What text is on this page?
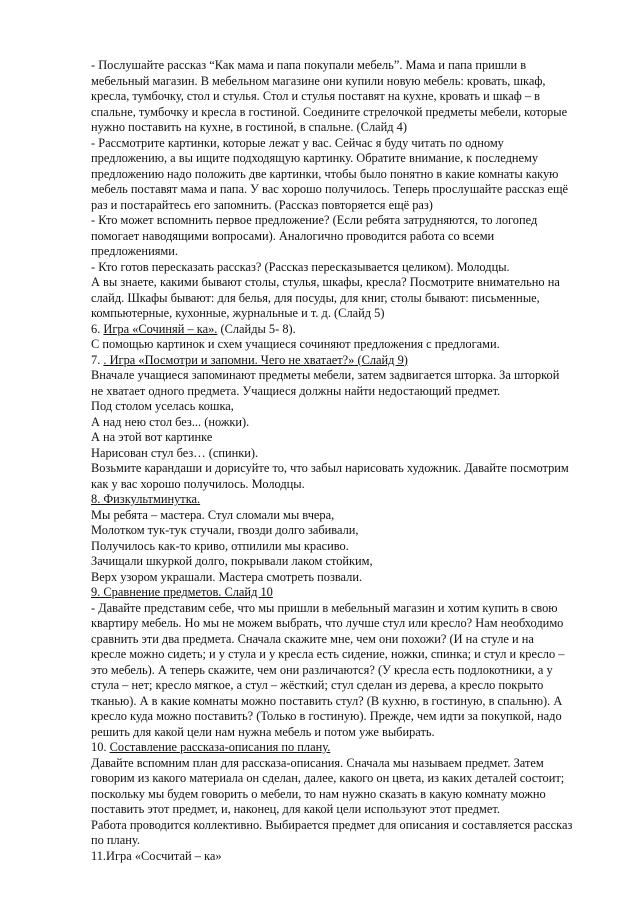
- Послушайте рассказ “Как мама и папа покупали мебель”. Мама и папа пришли в
мебельный магазин. В мебельном магазине они купили новую мебель: кровать, шкаф,
кресла, тумбочку, стол и стулья. Стол и стулья поставят на кухне, кровать и шкаф – в
спальне, тумбочку и кресла в гостиной. Соедините стрелочкой предметы мебели, которые
нужно поставить на кухне, в гостиной, в спальне. (Слайд 4)
- Рассмотрите картинки, которые лежат у вас. Сейчас я буду читать по одному
предложению, а вы ищите подходящую картинку. Обратите внимание, к последнему
предложению надо положить две картинки, чтобы было понятно в какие комнаты какую
мебель поставят мама и папа. У вас хорошо получилось. Теперь прослушайте рассказ ещё
раз и постарайтесь его запомнить. (Рассказ повторяется ещё раз)
- Кто может вспомнить первое предложение? (Если ребята затрудняются, то логопед
помогает наводящими вопросами). Аналогично проводится работа со всеми
предложениями.
- Кто готов пересказать рассказ? (Рассказ пересказывается целиком). Молодцы.
А вы знаете, какими бывают столы, стулья, шкафы, кресла? Посмотрите внимательно на
слайд. Шкафы бывают: для белья, для посуды, для книг, столы бывают: письменные,
компьютерные, кухонные, журнальные и т. д. (Слайд 5)
6. Игра «Сочиняй – ка». (Слайды 5- 8).
С помощью картинок и схем учащиеся сочиняют предложения с предлогами.
7. . Игра «Посмотри и запомни. Чего не хватает?» (Слайд 9)
Вначале учащиеся запоминают предметы мебели, затем задвигается шторка. За шторкой
не хватает одного предмета. Учащиеся должны найти недостающий предмет.
Под столом уселась кошка,
А над нею стол без... (ножки).
А на этой вот картинке
Нарисован стул без… (спинки).
Возьмите карандаши и дорисуйте то, что забыл нарисовать художник. Давайте посмотрим
как у вас хорошо получилось. Молодцы.
8. Физкультминутка.
Мы ребята – мастера. Стул сломали мы вчера,
Молотком тук-тук стучали, гвозди долго забивали,
Получилось как-то криво, отпилили мы красиво.
Зачищали шкуркой долго, покрывали лаком стойким,
Верх узором украшали. Мастера смотреть позвали.
9. Сравнение предметов. Слайд 10
- Давайте представим себе, что мы пришли в мебельный магазин и хотим купить в свою
квартиру мебель. Но мы не можем выбрать, что лучше стул или кресло? Нам необходимо
сравнить эти два предмета. Сначала скажите мне, чем они похожи? (И на стуле и на
кресле можно сидеть; и у стула и у кресла есть сидение, ножки, спинка; и стул и кресло –
это мебель). А теперь скажите, чем они различаются? (У кресла есть подлокотники, а у
стула – нет; кресло мягкое, а стул – жёсткий; стул сделан из дерева, а кресло покрыто
тканью). А в какие комнаты можно поставить стул? (В кухню, в гостиную, в спальню). А
кресло куда можно поставить? (Только в гостиную). Прежде, чем идти за покупкой, надо
решить для какой цели нам нужна мебель и потом уже выбирать.
10. Составление рассказа-описания по плану.
Давайте вспомним план для рассказа-описания. Сначала мы называем предмет. Затем
говорим из какого материала он сделан, далее, какого он цвета, из каких деталей состоит;
поскольку мы будем говорить о мебели, то нам нужно сказать в какую комнату можно
поставить этот предмет, и, наконец, для какой цели используют этот предмет.
Работа проводится коллективно. Выбирается предмет для описания и составляется рассказ
по плану.
11.Игра «Сосчитай – ка»
